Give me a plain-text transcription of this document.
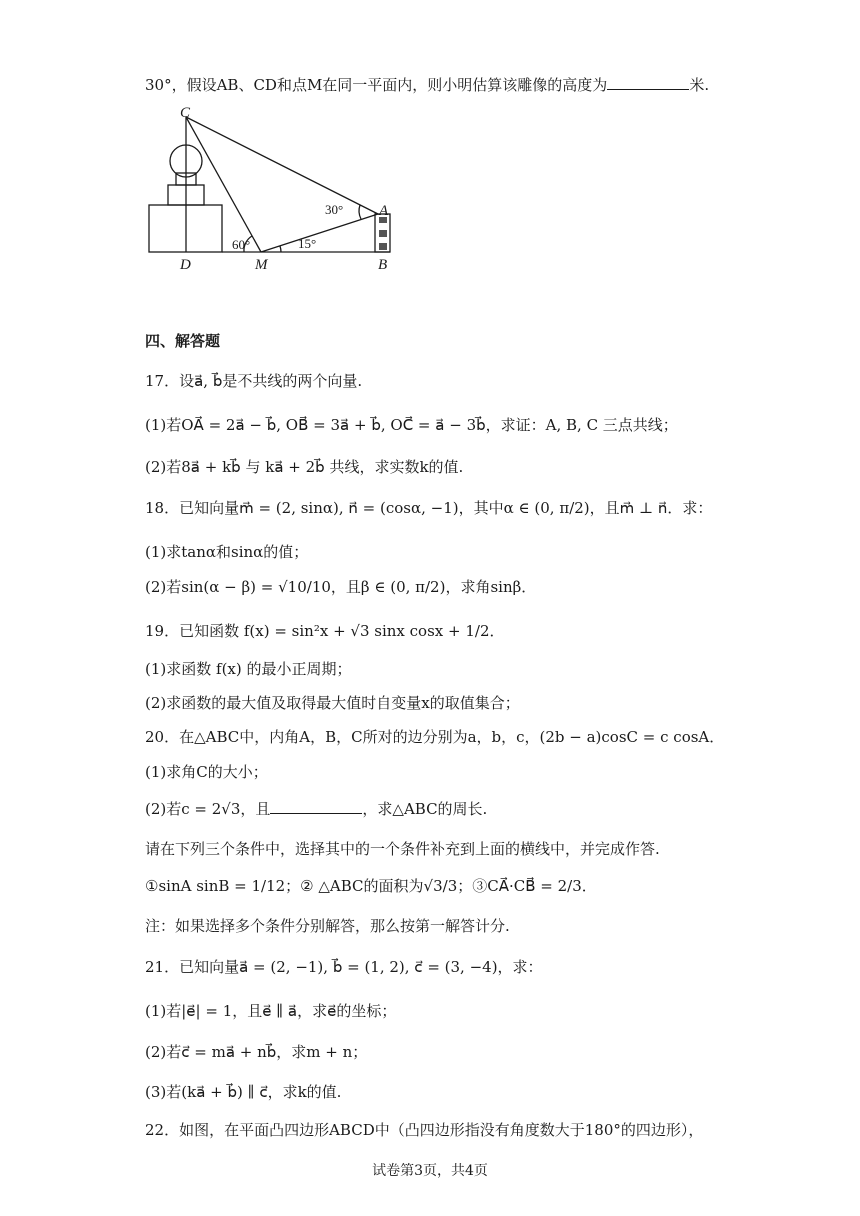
30°，假设AB、CD和点M在同一平面内，则小明估算该雕像的高度为	米.
C
A
D	M	B
30°
60°	15°
四、解答题
17．设a⃗, b⃗是不共线的两个向量.
(1)若OA⃗ = 2a⃗ − b⃗, OB⃗ = 3a⃗ + b⃗, OC⃗ = a⃗ − 3b⃗，求证：A, B, C 三点共线；
(2)若8a⃗ + kb⃗ 与 ka⃗ + 2b⃗ 共线，求实数k的值.
18．已知向量m⃗ = (2, sinα), n⃗ = (cosα, −1)，其中α ∈ (0, π/2)，且m⃗ ⊥ n⃗．求：
(1)求tanα和sinα的值；
(2)若sin(α − β) = √10/10，且β ∈ (0, π/2)，求角sinβ．
19．已知函数 f(x) = sin²x + √3 sinx cosx + 1/2．
(1)求函数 f(x) 的最小正周期；
(2)求函数的最大值及取得最大值时自变量x的取值集合；
20．在△ABC中，内角A，B，C所对的边分别为a，b，c，(2b − a)cosC = c cosA．
(1)求角C的大小；
(2)若c = 2√3，且	，求△ABC的周长.
请在下列三个条件中，选择其中的一个条件补充到上面的横线中，并完成作答.
①sinA sinB = 1/12；② △ABC的面积为√3/3；③CA⃗·CB⃗ = 2/3．
注：如果选择多个条件分别解答，那么按第一解答计分.
21．已知向量a⃗ = (2, −1), b⃗ = (1, 2), c⃗ = (3, −4)，求：
(1)若|e⃗| = 1，且e⃗ ∥ a⃗，求e⃗的坐标；
(2)若c⃗ = ma⃗ + nb⃗，求m + n；
(3)若(ka⃗ + b⃗) ∥ c⃗，求k的值.
22．如图，在平面凸四边形ABCD中（凸四边形指没有角度数大于180°的四边形），
试卷第3页，共4页
